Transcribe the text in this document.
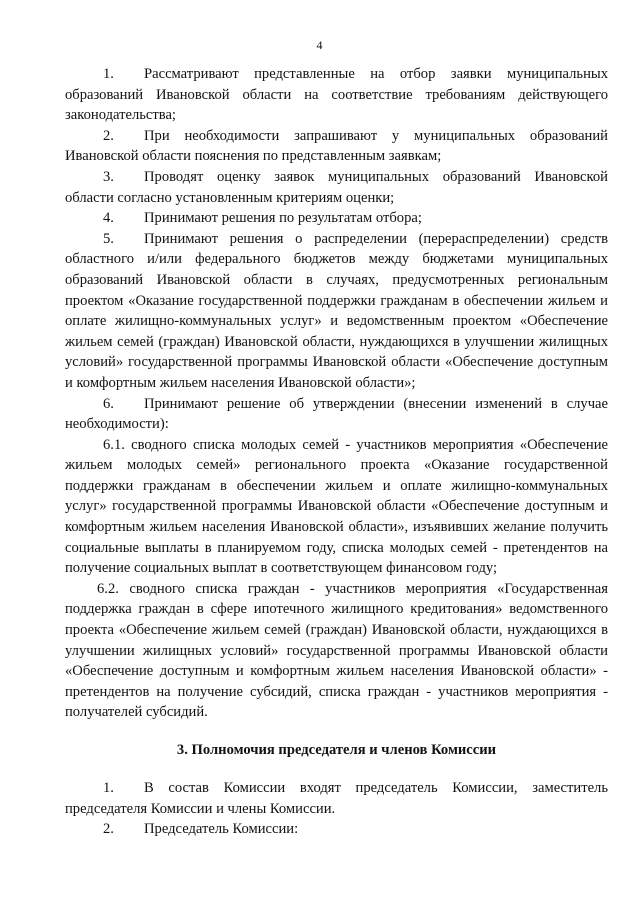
4

1. Рассматривают представленные на отбор заявки муниципальных образований Ивановской области на соответствие требованиям действующего законодательства;

2. При необходимости запрашивают у муниципальных образований Ивановской области пояснения по представленным заявкам;

3. Проводят оценку заявок муниципальных образований Ивановской области согласно установленным критериям оценки;

4. Принимают решения по результатам отбора;

5. Принимают решения о распределении (перераспределении) средств областного и/или федерального бюджетов между бюджетами муниципальных образований Ивановской области в случаях, предусмотренных региональным проектом «Оказание государственной поддержки гражданам в обеспечении жильем и оплате жилищно-коммунальных услуг» и ведомственным проектом «Обеспечение жильем семей (граждан) Ивановской области, нуждающихся в улучшении жилищных условий» государственной программы Ивановской области «Обеспечение доступным и комфортным жильем населения Ивановской области»;

6. Принимают решение об утверждении (внесении изменений в случае необходимости):

6.1. сводного списка молодых семей - участников мероприятия «Обеспечение жильем молодых семей» регионального проекта «Оказание государственной поддержки гражданам в обеспечении жильем и оплате жилищно-коммунальных услуг» государственной программы Ивановской области «Обеспечение доступным и комфортным жильем населения Ивановской области», изъявивших желание получить социальные выплаты в планируемом году, списка молодых семей - претендентов на получение социальных выплат в соответствующем финансовом году;

6.2. сводного списка граждан - участников мероприятия «Государственная поддержка граждан в сфере ипотечного жилищного кредитования» ведомственного проекта «Обеспечение жильем семей (граждан) Ивановской области, нуждающихся в улучшении жилищных условий» государственной программы Ивановской области «Обеспечение доступным и комфортным жильем населения Ивановской области» - претендентов на получение субсидий, списка граждан - участников мероприятия - получателей субсидий.

3. Полномочия председателя и членов Комиссии

1. В состав Комиссии входят председатель Комиссии, заместитель председателя Комиссии и члены Комиссии.

2. Председатель Комиссии:
